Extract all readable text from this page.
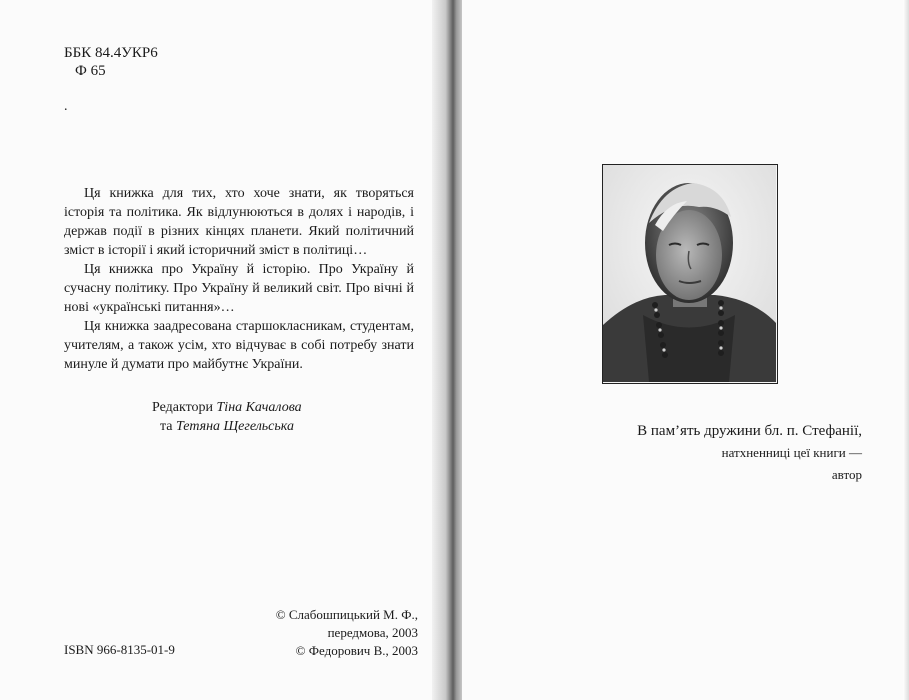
ББК 84.4УКР6
Ф 65
.

Ця книжка для тих, хто хоче знати, як творяться історія та політика. Як відлунюються в долях і народів, і держав події в різних кінцях планети. Який політичний зміст в історії і який історичний зміст в політиці…

Ця книжка про Україну й історію. Про Україну й сучасну політику. Про Україну й великий світ. Про вічні й нові «українські питання»…

Ця книжка заадресована старшокласникам, студентам, учителям, а також усім, хто відчуває в собі потребу знати минуле й думати про майбутнє України.

Редактори Тіна Качалова
та Тетяна Щегельська
© Слабошпицький М. Ф.,
передмова, 2003
© Федорович В., 2003
ISBN 966-8135-01-9
В пам’ять дружини бл. п. Стефанії,
натхненниці цеї книги —
автор
